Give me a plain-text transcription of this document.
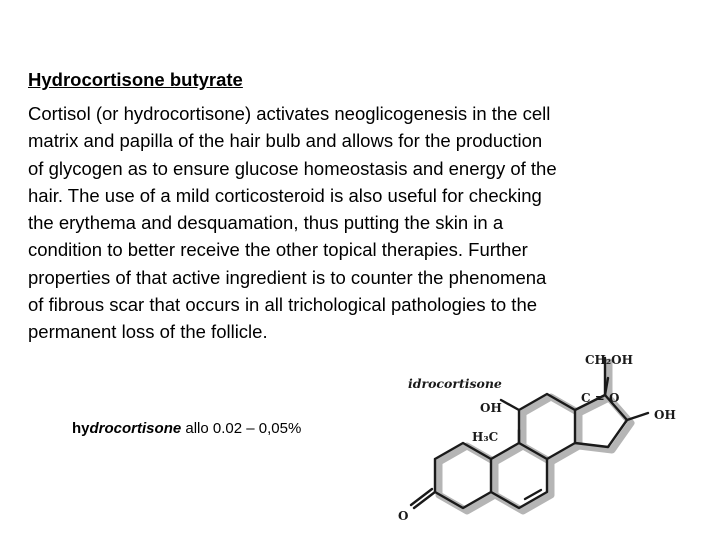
Hydrocortisone butyrate
Cortisol (or hydrocortisone) activates neoglicogenesis in the cell
matrix and papilla of the hair bulb and allows for the production
of glycogen as to ensure glucose homeostasis and energy of the
hair. The use of a mild corticosteroid is also useful for checking
the erythema and desquamation, thus putting the skin in a
condition to better receive the other topical therapies. Further
properties of that active ingredient is to counter the phenomena
of fibrous scar that occurs in all trichological pathologies to the
permanent loss of the follicle.
hydrocortisone allo 0.02 – 0,05%
idrocortisone
CH₂OH
C = O
OH
OH
H₃C
O
